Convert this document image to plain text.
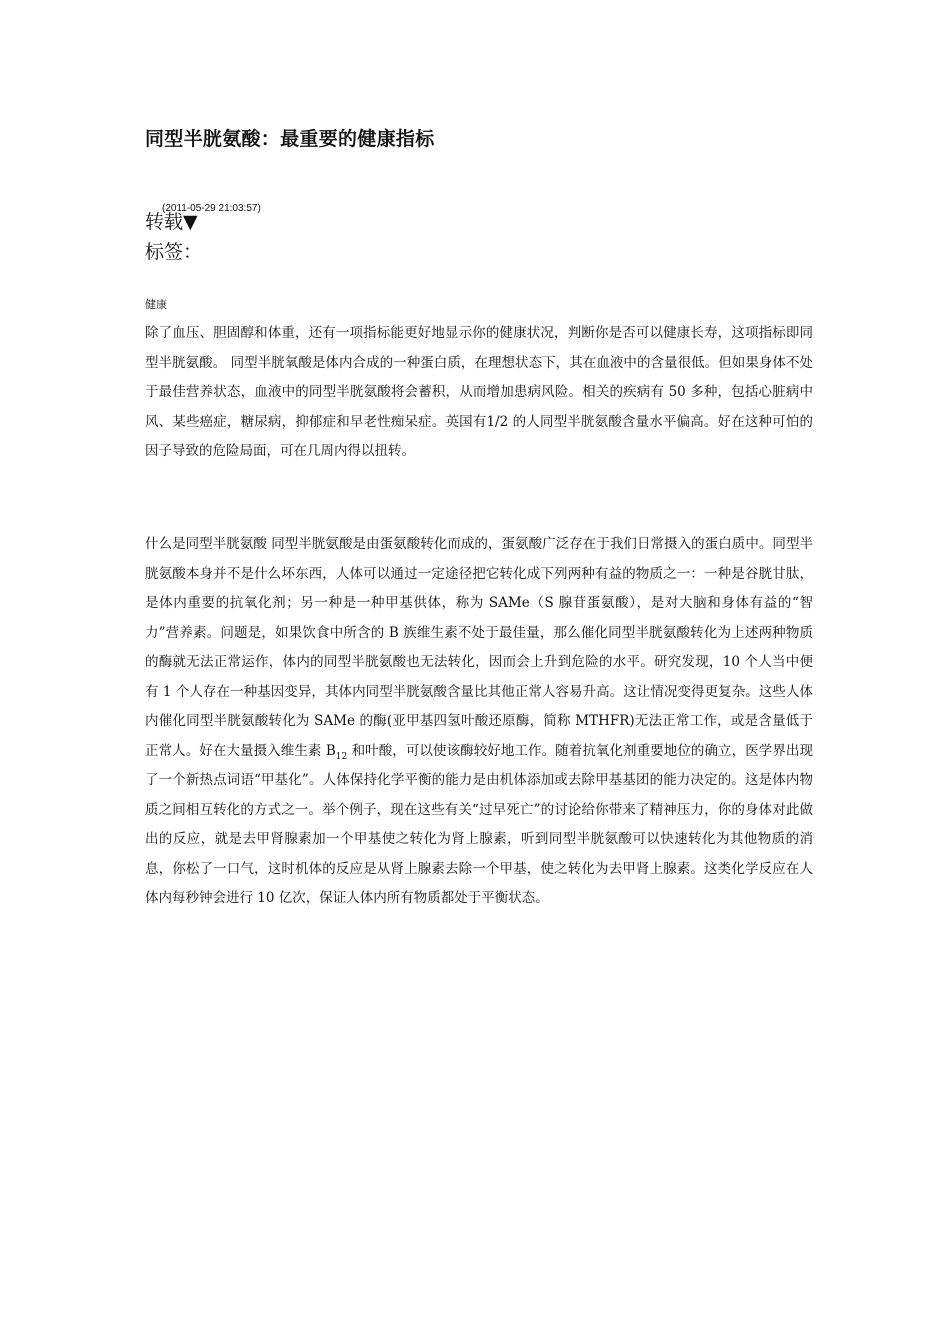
同型半胱氨酸：最重要的健康指标
(2011-05-29 21:03:57)
转载▼
标签：
健康

除了血压、胆固醇和体重，还有一项指标能更好地显示你的健康状况，判断你是否可以健康长寿，这项指标即同型半胱氨酸。 同型半胱氧酸是体内合成的一种蛋白质，在理想状态下，其在血液中的含量很低。但如果身体不处于最佳营养状态，血液中的同型半胱氨酸将会蓄积，从而增加患病风险。相关的疾病有 50 多种，包括心脏病中风、某些癌症，糖尿病，抑郁症和早老性痴呆症。英国有1/2 的人同型半胱氨酸含量水平偏高。好在这种可怕的因子导致的危险局面，可在几周内得以扭转。

什么是同型半胱氨酸 同型半胱氨酸是由蛋氨酸转化而成的，蛋氨酸广泛存在于我们日常摄入的蛋白质中。同型半胱氨酸本身并不是什么坏东西，人体可以通过一定途径把它转化成下列两种有益的物质之一：一种是谷胱甘肽，是体内重要的抗氧化剂；另一种是一种甲基供体，称为 SAMe（S 腺苷蛋氨酸），是对大脑和身体有益的“智力”营养素。问题是，如果饮食中所含的 B 族维生素不处于最佳量，那么催化同型半胱氨酸转化为上述两种物质的酶就无法正常运作，体内的同型半胱氨酸也无法转化，因而会上升到危险的水平。研究发现，10 个人当中便有 1 个人存在一种基因变异，其体内同型半胱氨酸含量比其他正常人容易升高。这让情况变得更复杂。这些人体内催化同型半胱氨酸转化为 SAMe 的酶(亚甲基四氢叶酸还原酶，简称 MTHFR)无法正常工作，或是含量低于正常人。好在大量摄入维生素 $B_{12}$ 和叶酸，可以使该酶较好地工作。随着抗氧化剂重要地位的确立，医学界出现了一个新热点词语“甲基化”。人体保持化学平衡的能力是由机体添加或去除甲基基团的能力决定的。这是体内物质之间相互转化的方式之一。举个例子，现在这些有关“过早死亡”的讨论给你带来了精神压力，你的身体对此做出的反应，就是去甲肾腺素加一个甲基使之转化为肾上腺素，听到同型半胱氨酸可以快速转化为其他物质的消息，你松了一口气，这时机体的反应是从肾上腺素去除一个甲基，使之转化为去甲肾上腺素。这类化学反应在人体内每秒钟会进行 10 亿次，保证人体内所有物质都处于平衡状态。
